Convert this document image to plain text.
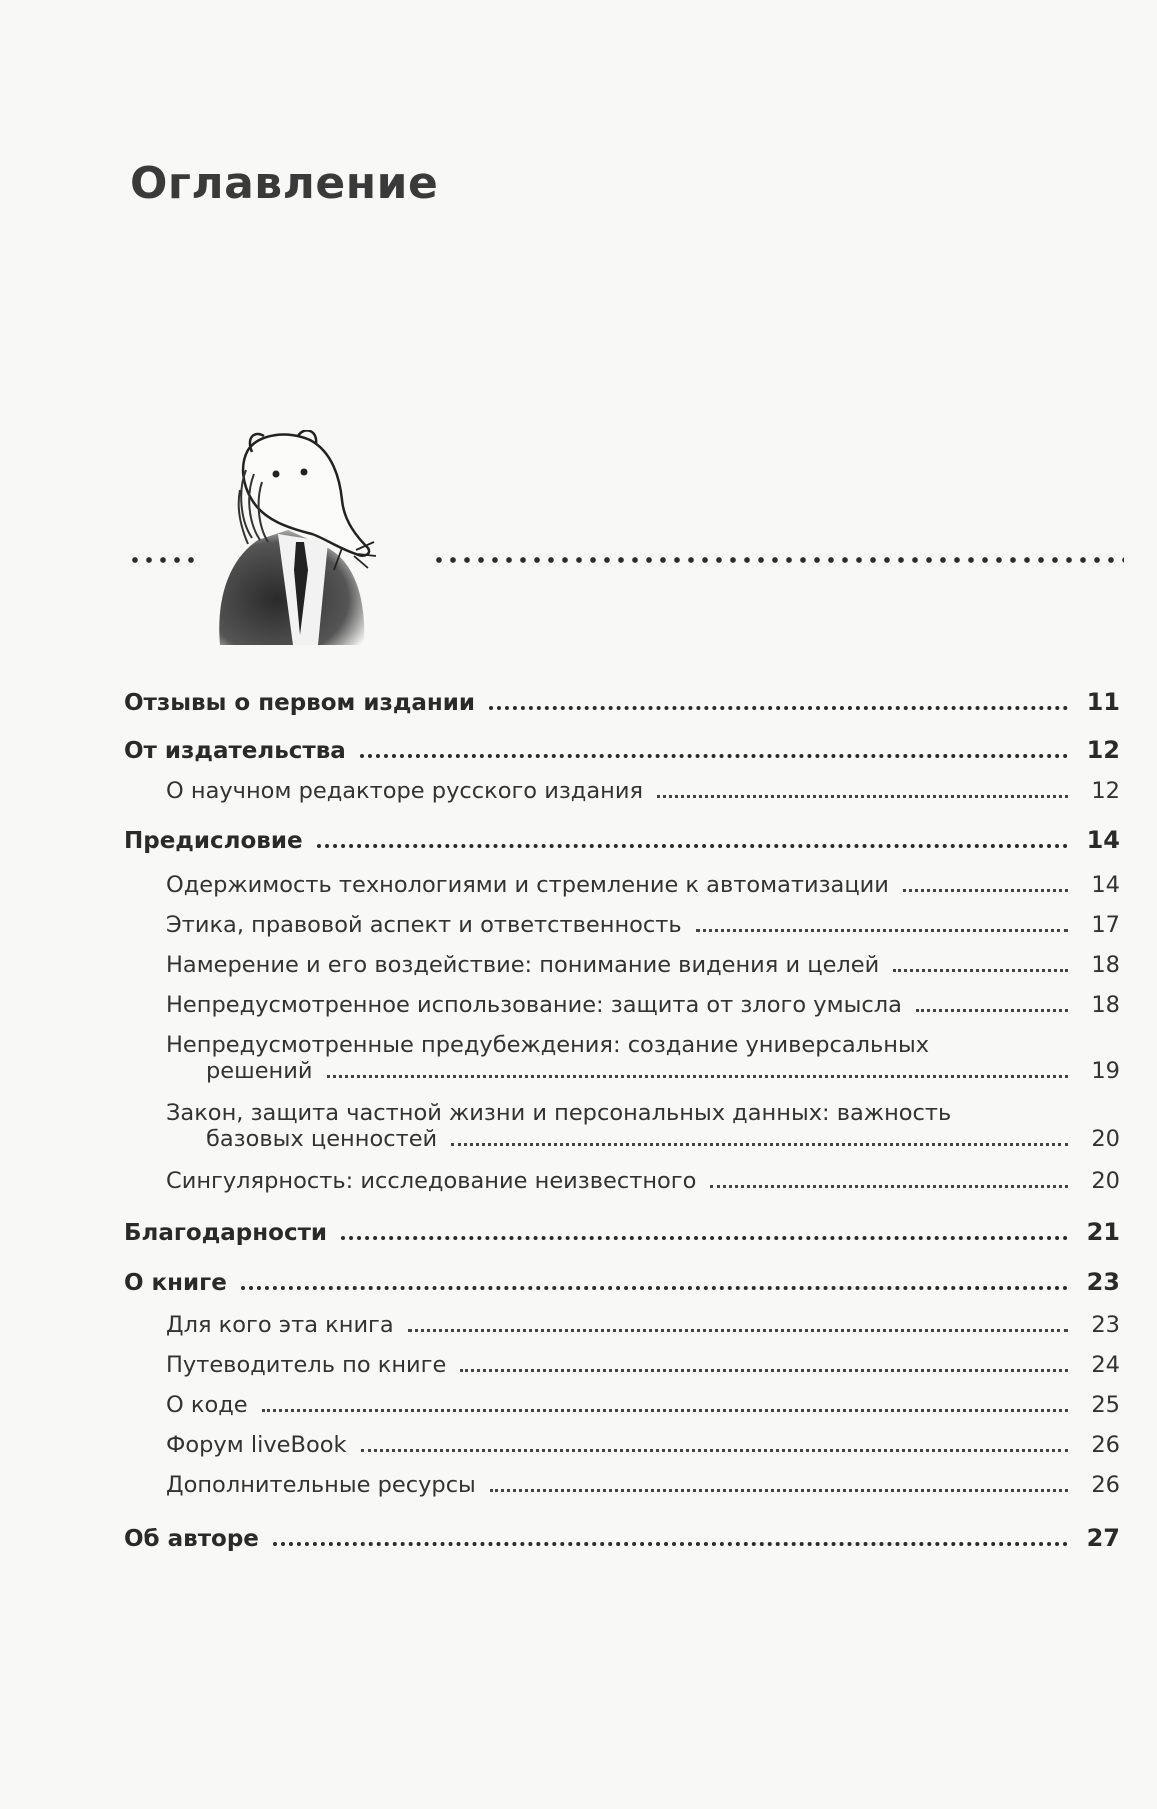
Оглавление
Отзывы о первом издании	11
От издательства	12
О научном редакторе русского издания	12
Предисловие	14
Одержимость технологиями и стремление к автоматизации	14
Этика, правовой аспект и ответственность	17
Намерение и его воздействие: понимание видения и целей	18
Непредусмотренное использование: защита от злого умысла	18
Непредусмотренные предубеждения: создание универсальных
решений	19
Закон, защита частной жизни и персональных данных: важность
базовых ценностей	20
Сингулярность: исследование неизвестного	20
Благодарности	21
О книге	23
Для кого эта книга	23
Путеводитель по книге	24
О коде	25
Форум liveBook	26
Дополнительные ресурсы	26
Об авторе	27
